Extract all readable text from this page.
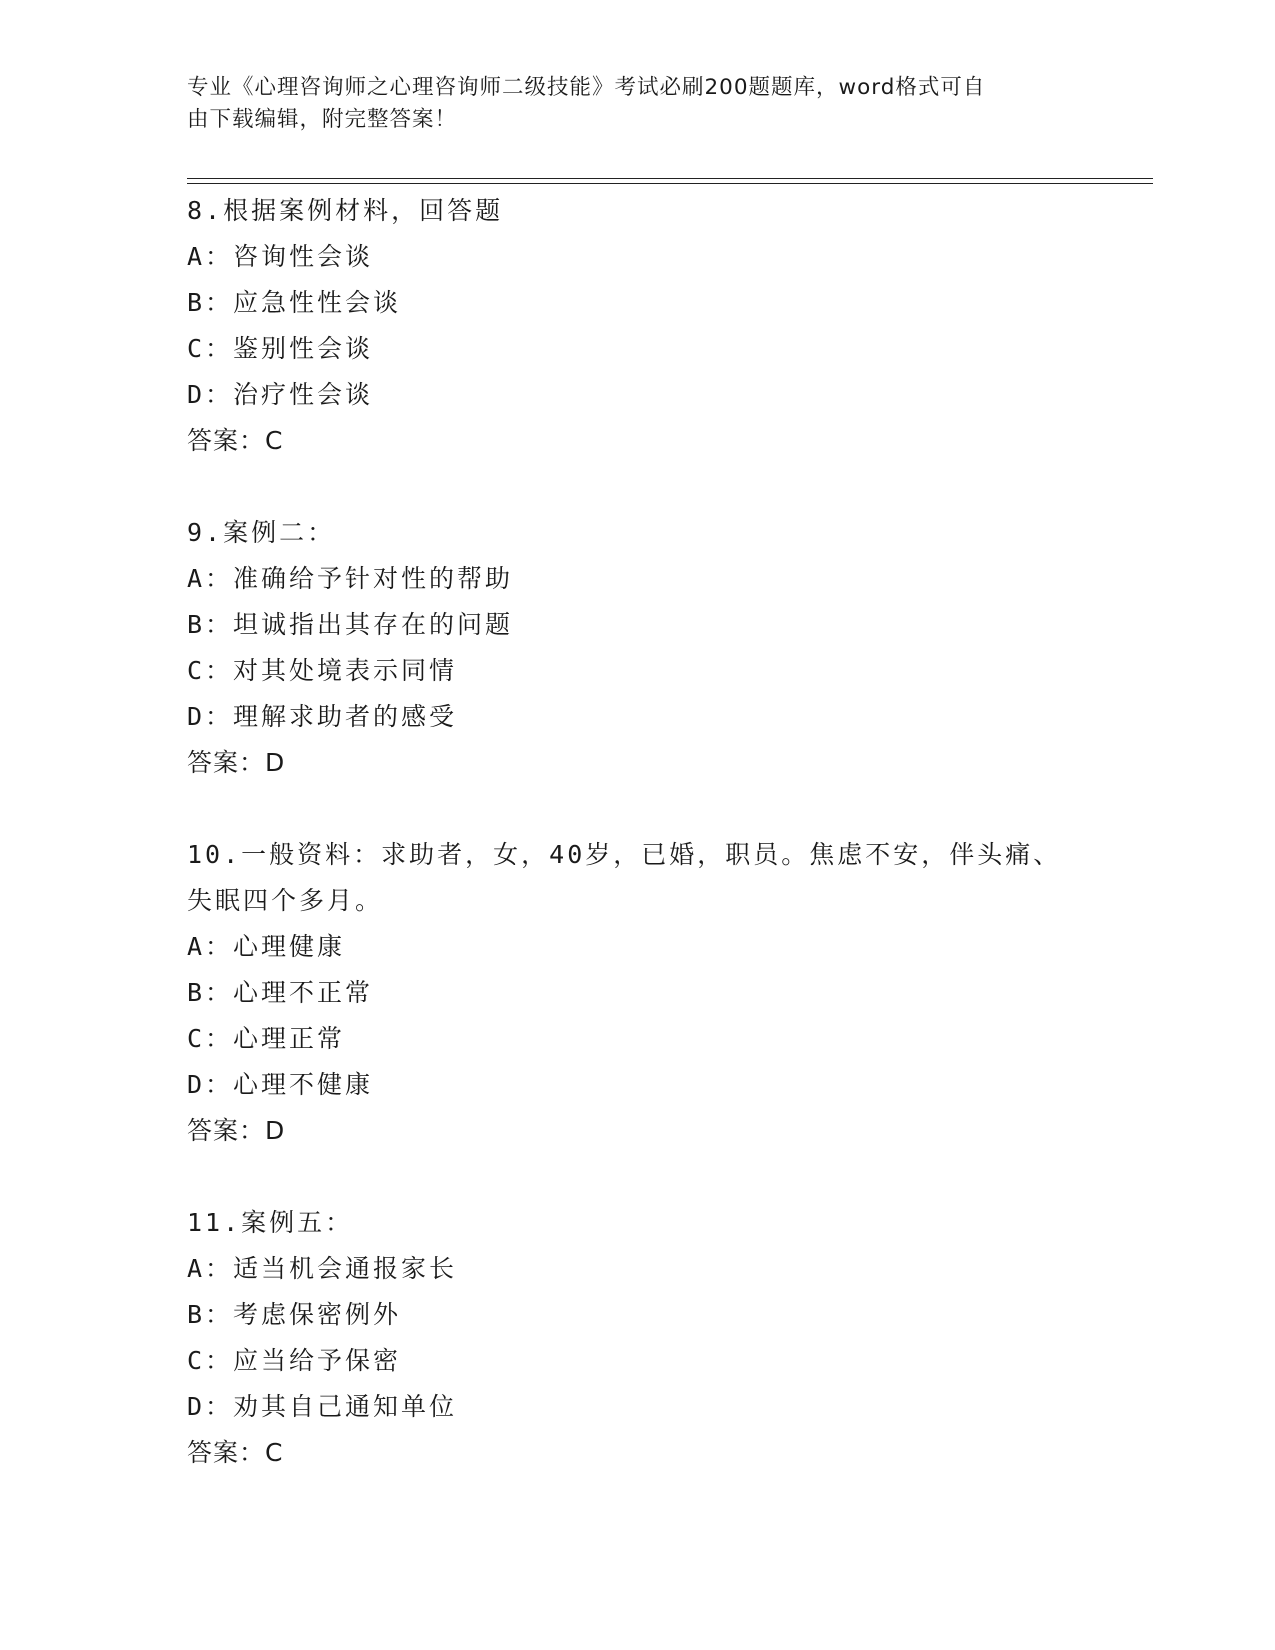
专业《心理咨询师之心理咨询师二级技能》考试必刷200题题库，word格式可自
由下载编辑，附完整答案！
8.根据案例材料，回答题
A：咨询性会谈
B：应急性性会谈
C：鉴别性会谈
D：治疗性会谈
答案：C
9.案例二：
A：准确给予针对性的帮助
B：坦诚指出其存在的问题
C：对其处境表示同情
D：理解求助者的感受
答案：D
10.一般资料：求助者，女，40岁，已婚，职员。焦虑不安，伴头痛、
失眠四个多月。
A：心理健康
B：心理不正常
C：心理正常
D：心理不健康
答案：D
11.案例五：
A：适当机会通报家长
B：考虑保密例外
C：应当给予保密
D：劝其自己通知单位
答案：C
